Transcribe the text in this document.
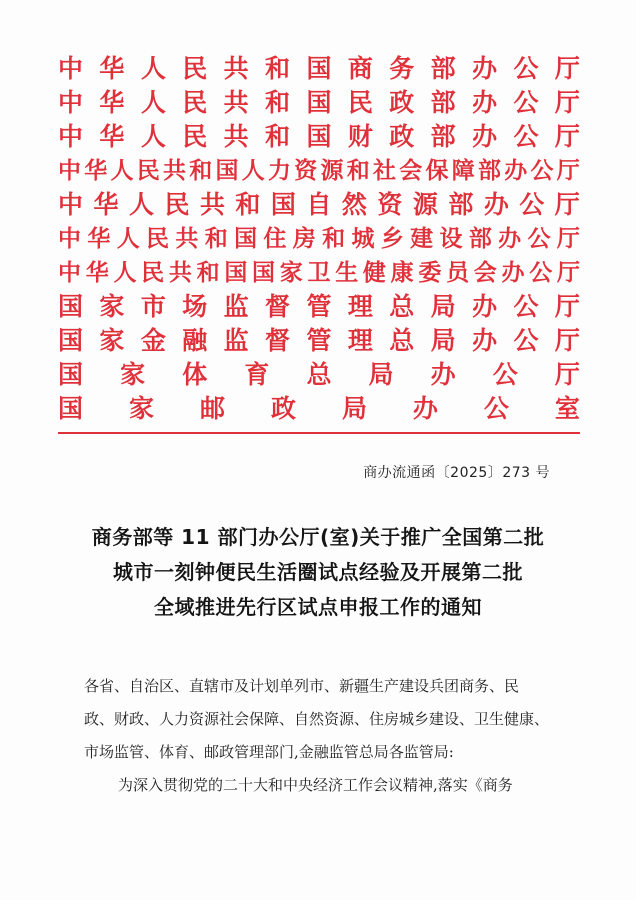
中 华 人 民 共 和 国 商 务 部 办 公 厅
中 华 人 民 共 和 国 民 政 部 办 公 厅
中 华 人 民 共 和 国 财 政 部 办 公 厅
中 华 人 民 共 和 国 人 力 资 源 和 社 会 保 障 部 办 公 厅
中 华 人 民 共 和 国 自 然 资 源 部 办 公 厅
中 华 人 民 共 和 国 住 房 和 城 乡 建 设 部 办 公 厅
中 华 人 民 共 和 国 国 家 卫 生 健 康 委 员 会 办 公 厅
国 家 市 场 监 督 管 理 总 局 办 公 厅
国 家 金 融 监 督 管 理 总 局 办 公 厅
国 家 体 育 总 局 办 公 厅
国 家 邮 政 局 办 公 室
商办流通函〔2025〕273 号
商务部等 11 部门办公厅(室)关于推广全国第二批
城市一刻钟便民生活圈试点经验及开展第二批
全域推进先行区试点申报工作的通知
各省、自治区、直辖市及计划单列市、新疆生产建设兵团商务、民
政、财政、人力资源社会保障、自然资源、住房城乡建设、卫生健康、
市场监管、体育、邮政管理部门,金融监管总局各监管局:
为深入贯彻党的二十大和中央经济工作会议精神,落实《商务
